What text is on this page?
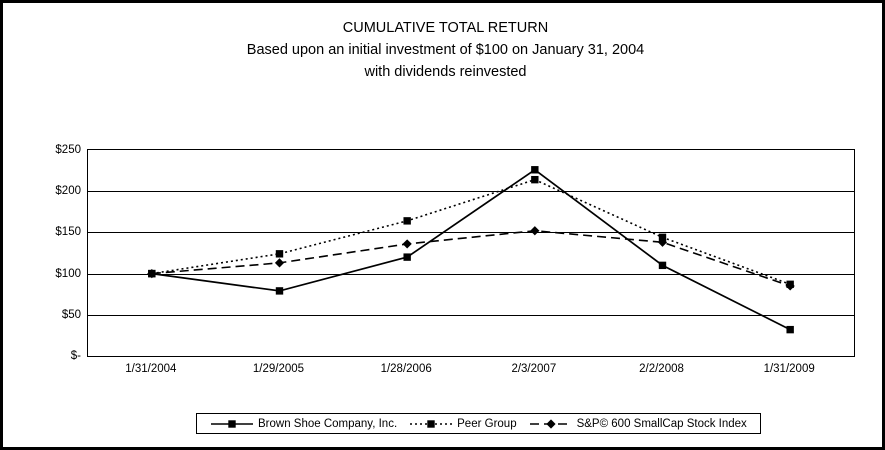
CUMULATIVE TOTAL RETURN
Based upon an initial investment of $100 on January 31, 2004
with dividends reinvested
$-
$50
$100
$150
$200
$250
1/31/2004	1/29/2005	1/28/2006	2/3/2007	2/2/2008	1/31/2009
Brown Shoe Company, Inc.	Peer Group	S&P© 600 SmallCap Stock Index
